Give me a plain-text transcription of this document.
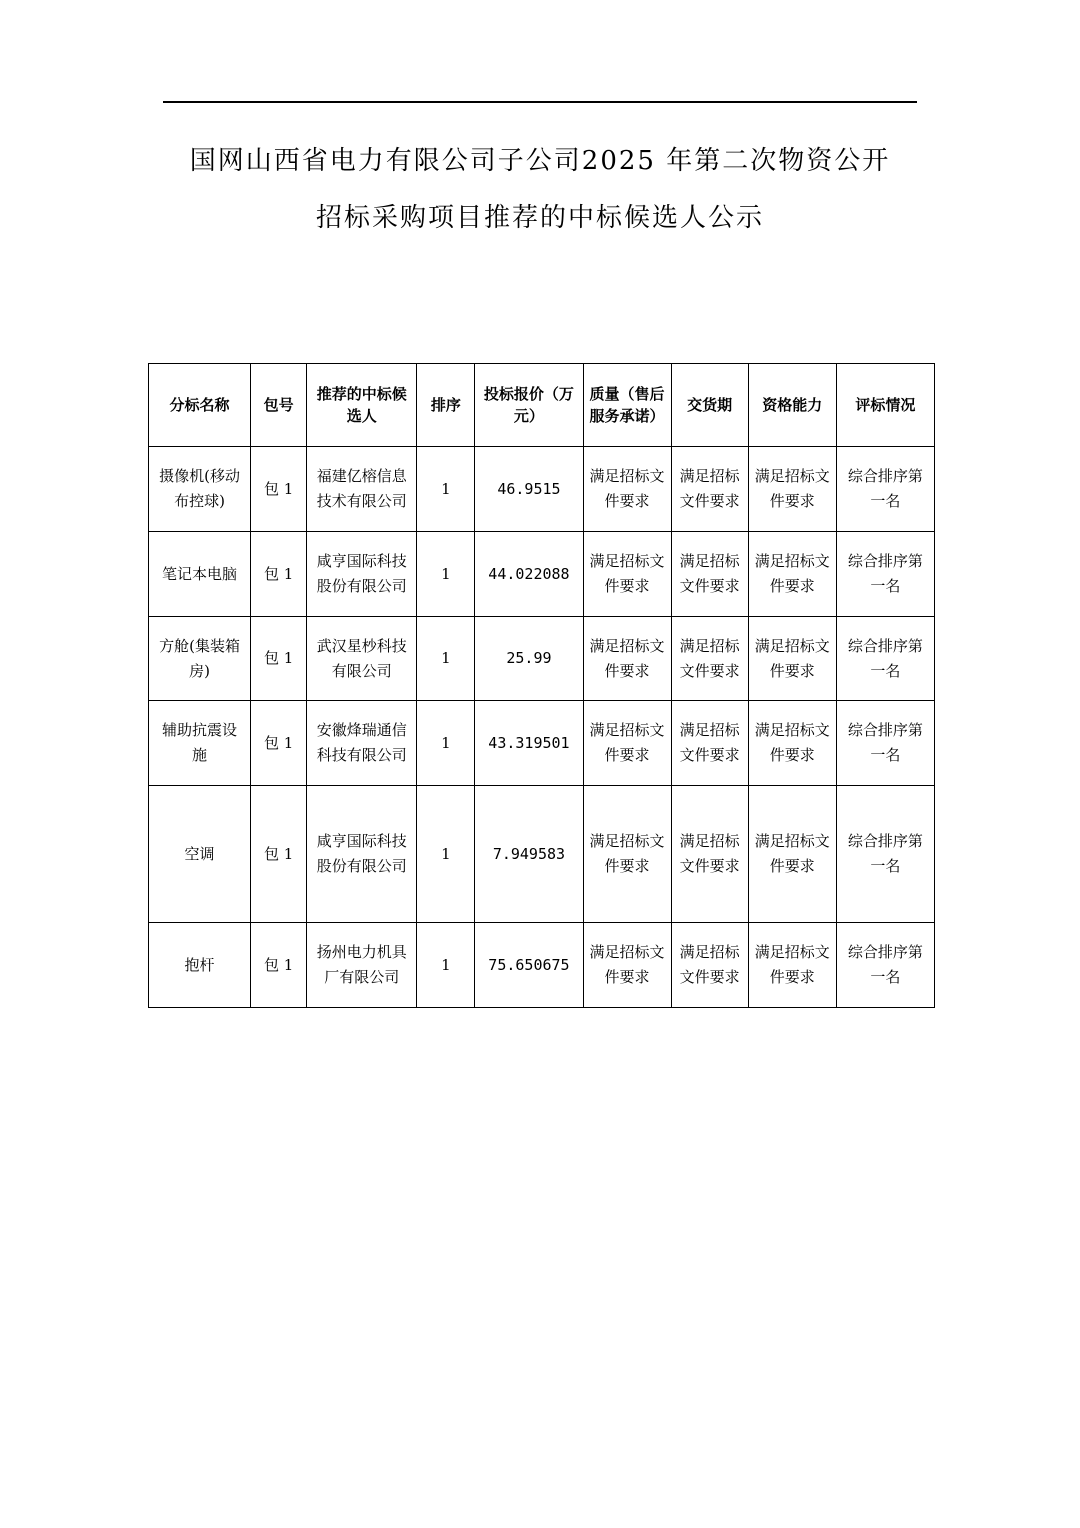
国网山西省电力有限公司子公司2025 年第二次物资公开
招标采购项目推荐的中标候选人公示
分标名称	包号	推荐的中标候选人	排序	投标报价（万元）	质量（售后服务承诺）	交货期	资格能力	评标情况
摄像机(移动布控球)	包 1	福建亿榕信息技术有限公司	1	46.9515	满足招标文件要求	满足招标文件要求	满足招标文件要求	综合排序第一名
笔记本电脑	包 1	咸亨国际科技股份有限公司	1	44.022088	满足招标文件要求	满足招标文件要求	满足招标文件要求	综合排序第一名
方舱(集装箱房)	包 1	武汉星杪科技有限公司	1	25.99	满足招标文件要求	满足招标文件要求	满足招标文件要求	综合排序第一名
辅助抗震设施	包 1	安徽烽瑞通信科技有限公司	1	43.319501	满足招标文件要求	满足招标文件要求	满足招标文件要求	综合排序第一名
空调	包 1	咸亨国际科技股份有限公司	1	7.949583	满足招标文件要求	满足招标文件要求	满足招标文件要求	综合排序第一名
抱杆	包 1	扬州电力机具厂有限公司	1	75.650675	满足招标文件要求	满足招标文件要求	满足招标文件要求	综合排序第一名
